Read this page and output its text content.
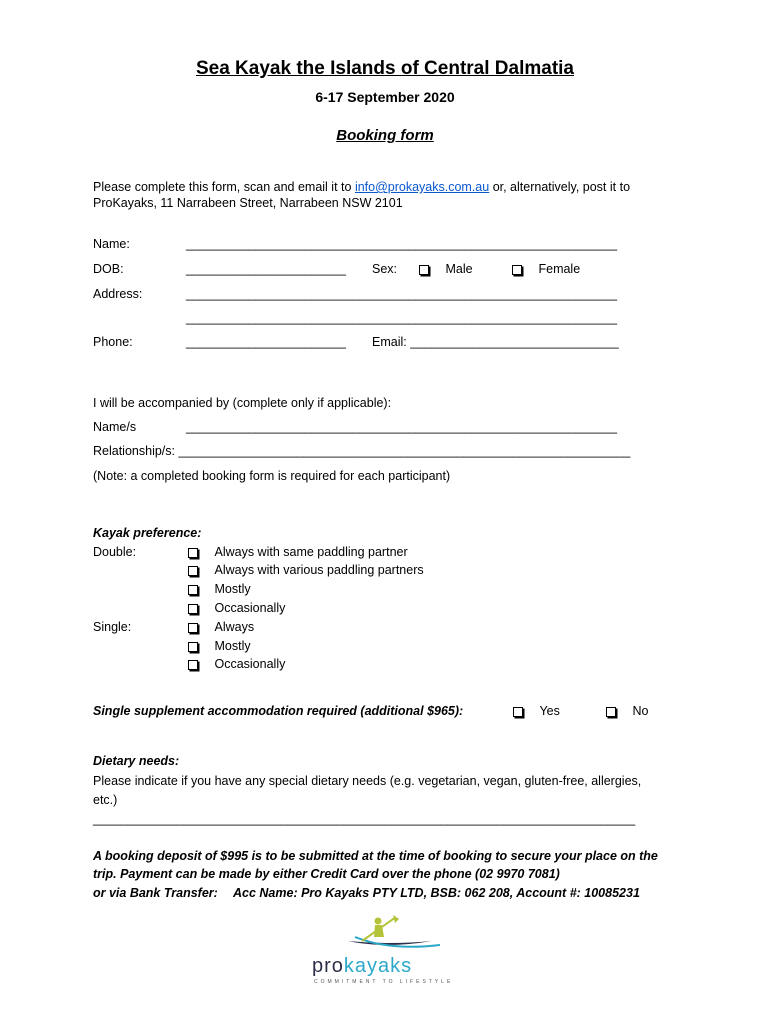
Sea Kayak the Islands of Central Dalmatia
6-17 September 2020
Booking form
Please complete this form, scan and email it to info@prokayaks.com.au or, alternatively, post it to
ProKayaks, 11 Narrabeen Street, Narrabeen NSW 2101
Name:	______________________________________________________________
DOB:	_______________________ Sex:	Male	Female
Address:	______________________________________________________________
______________________________________________________________
Phone:	_______________________ Email: ______________________________
I will be accompanied by (complete only if applicable):
Name/s	______________________________________________________________
Relationship/s: _________________________________________________________________
(Note: a completed booking form is required for each participant)
Kayak preference:
Double:	Always with same paddling partner
Always with various paddling partners
Mostly
Occasionally
Single:	Always
Mostly
Occasionally
Single supplement accommodation required (additional $965):	Yes	No
Dietary needs:
Please indicate if you have any special dietary needs (e.g. vegetarian, vegan, gluten-free, allergies,
etc.)
______________________________________________________________________________
A booking deposit of $995 is to be submitted at the time of booking to secure your place on the
trip. Payment can be made by either Credit Card over the phone (02 9970 7081)
or via Bank Transfer: Acc Name: Pro Kayaks PTY LTD, BSB: 062 208, Account #: 10085231
prokayaks
COMMITMENT TO LIFESTYLE
